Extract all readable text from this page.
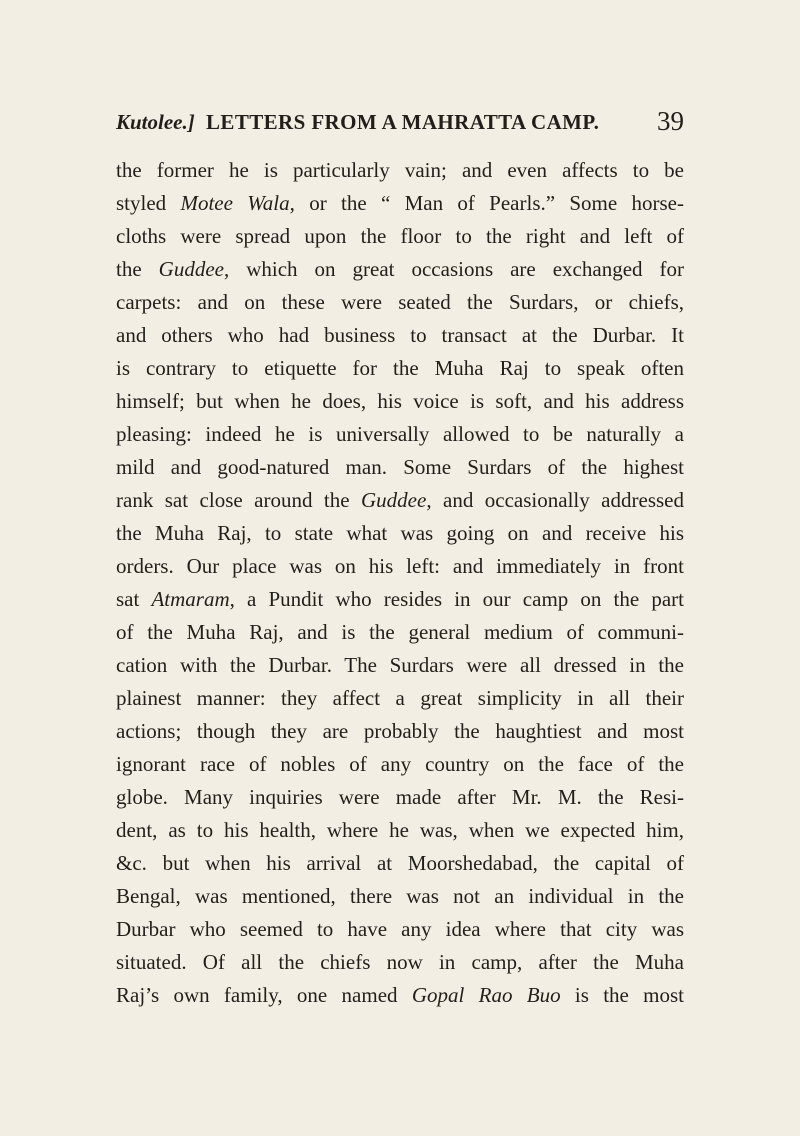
Kutolee.] LETTERS FROM A MAHRATTA CAMP. 39
the former he is particularly vain; and even affects to be
styled Motee Wala, or the “ Man of Pearls.” Some horse-
cloths were spread upon the floor to the right and left of
the Guddee, which on great occasions are exchanged for
carpets: and on these were seated the Surdars, or chiefs,
and others who had business to transact at the Durbar. It
is contrary to etiquette for the Muha Raj to speak often
himself; but when he does, his voice is soft, and his address
pleasing: indeed he is universally allowed to be naturally a
mild and good-natured man. Some Surdars of the highest
rank sat close around the Guddee, and occasionally addressed
the Muha Raj, to state what was going on and receive his
orders. Our place was on his left: and immediately in front
sat Atmaram, a Pundit who resides in our camp on the part
of the Muha Raj, and is the general medium of communi-
cation with the Durbar. The Surdars were all dressed in the
plainest manner: they affect a great simplicity in all their
actions; though they are probably the haughtiest and most
ignorant race of nobles of any country on the face of the
globe. Many inquiries were made after Mr. M. the Resi-
dent, as to his health, where he was, when we expected him,
&c. but when his arrival at Moorshedabad, the capital of
Bengal, was mentioned, there was not an individual in the
Durbar who seemed to have any idea where that city was
situated. Of all the chiefs now in camp, after the Muha
Raj’s own family, one named Gopal Rao Buo is the most
